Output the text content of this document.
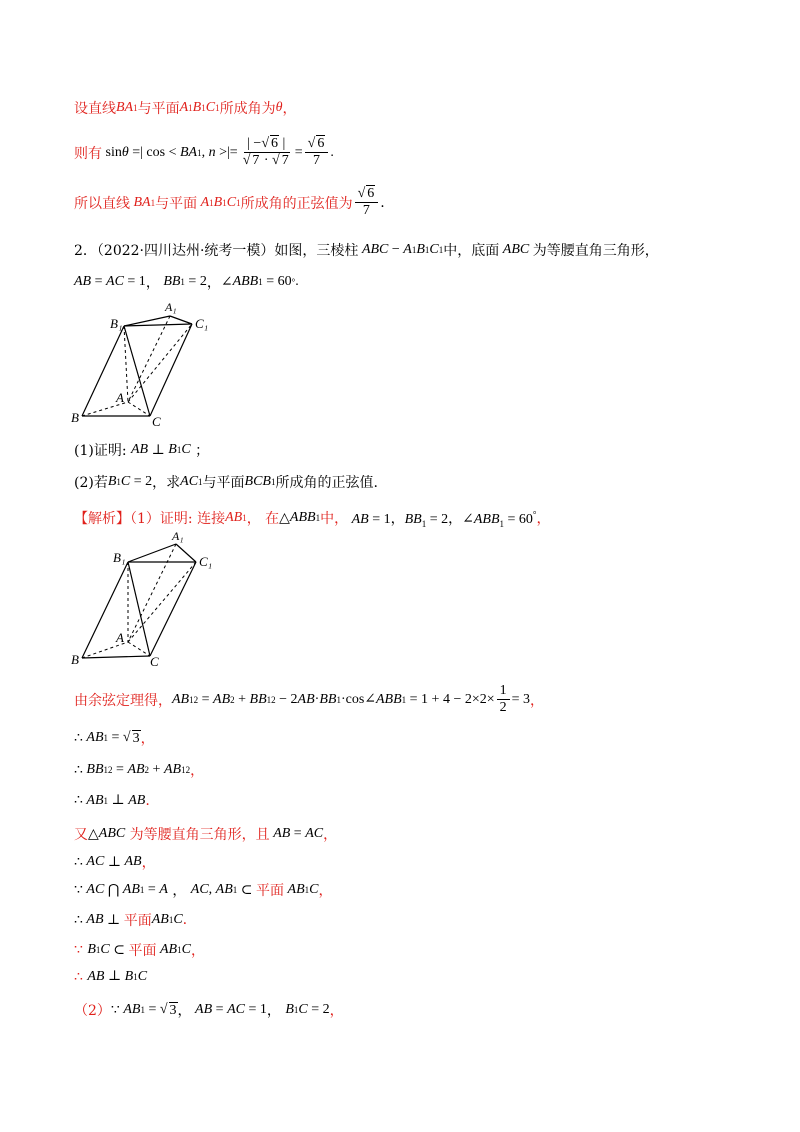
设直线 BA 1 与平面 A 1 B 1 C 1 所成角为 θ ，
则有 sin θ =| cos < BA 1 , n >|= $\frac{| -√ 6 |}{√ 7 \cdot √ 7} = \frac{√ 6}{7}$ .
所以直线 BA 1 与平面 A 1 B 1 C 1 所成角的正弦值为 $\frac{√ 6}{7}$ .
2．（2022·四川达州·统考一模）如图，三棱柱 ABC − A 1 B 1 C 1 中，底面 ABC 为等腰直角三角形，
AB = AC = 1 ， BB 1 = 2 ， ∠ ABB 1 = 60 ° .
B₁
A₁
C₁
A
B	C
(1)证明: AB ⊥ B 1 C ；
(2)若 B 1 C = 2 ，求 AC 1 与平面 BCB 1 所成角的正弦值.
【解析】（1）证明: 连接 AB 1 ， 在 △ ABB 1 中， AB = 1，$BB_1 = 2$，$\angle ABB_1 = 60^\circ$ ，
B₁
A₁
C₁
A
B	C
由余弦定理得， AB 1 2 = AB 2 + BB 1 2 − 2 AB · BB 1 ·cos∠ ABB $1 = 1 + 4 - 2\times 2\times \frac{1}{2} = 3$ ，
∴ AB 1 = √ 3 ，
∴ BB 1 2 = AB 2 + AB 1 2 ，
∴ AB 1 ⊥ AB .
又 △ ABC 为等腰直角三角形，且 AB = AC ，
∴ AC ⊥ AB ，
∵ AC ⋂ AB 1 = A ， AC , AB 1 ⊂ 平面 AB 1 C ，
∴ AB ⊥ 平面 AB 1 C .
∵ B 1 C ⊂ 平面 AB 1 C ，
∴ AB ⊥ B 1 C
（2） ∵ AB 1 = √ 3 ， AB = AC = 1 ， B 1 C = 2 ，
